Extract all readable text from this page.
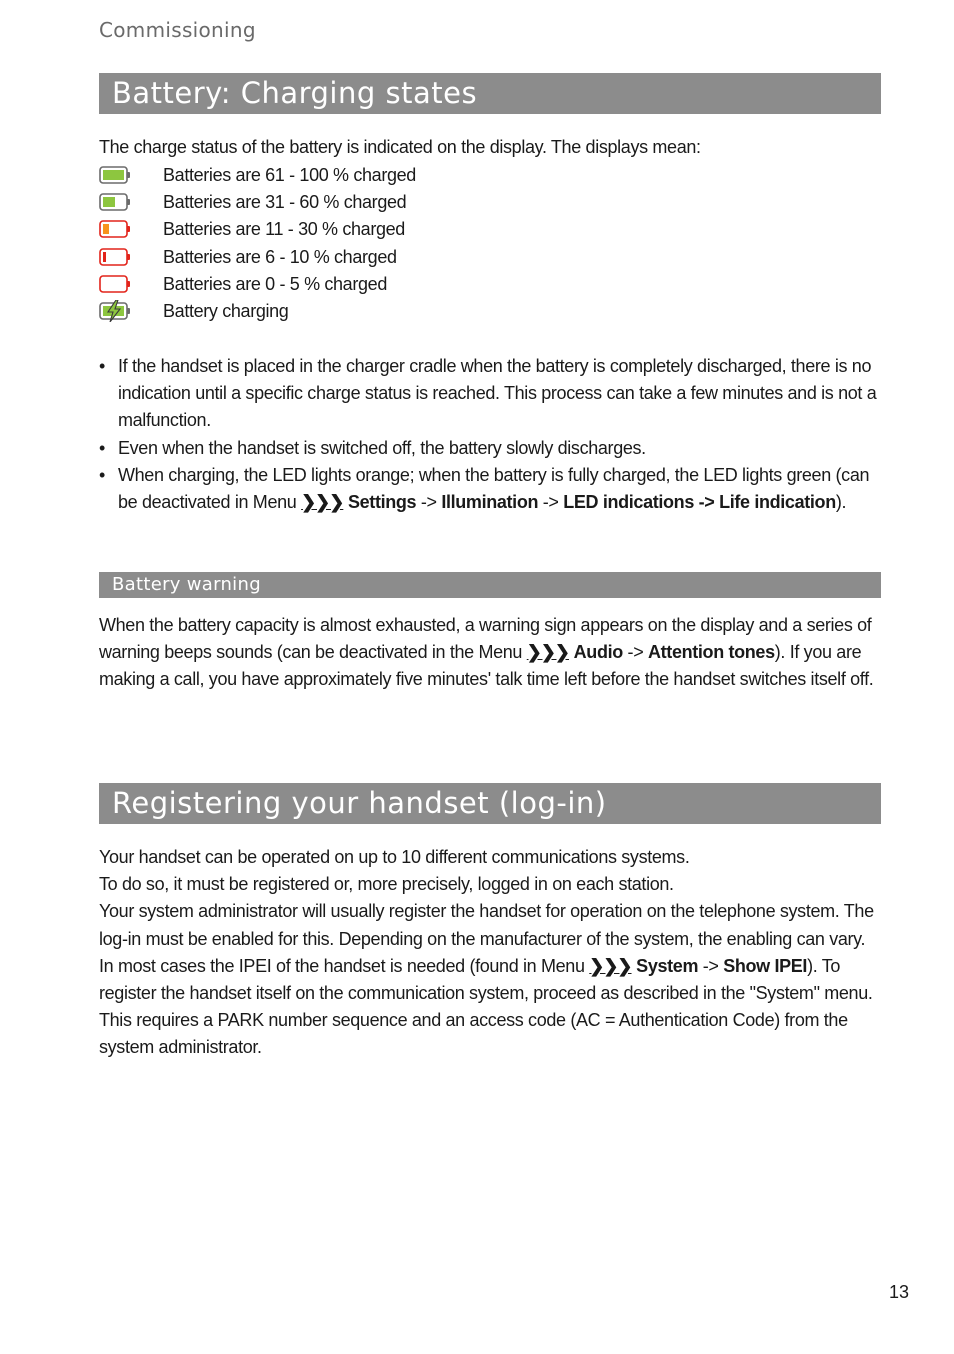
Commissioning
Battery: Charging states
The charge status of the battery is indicated on the display. The displays mean:
Batteries are 61 - 100 % charged
Batteries are 31 - 60 % charged
Batteries are 11 - 30 % charged
Batteries are 6 - 10 % charged
Batteries are 0 - 5 % charged
Battery charging
• If the handset is placed in the charger cradle when the battery is completely discharged, there is no indication until a specific charge status is reached. This process can take a few minutes and is not a malfunction.
• Even when the handset is switched off, the battery slowly discharges.
• When charging, the LED lights orange; when the battery is fully charged, the LED lights green (can be deactivated in Menu ❯❯❯ Settings -> Illumination -> LED indications -> Life indication).
Battery warning
When the battery capacity is almost exhausted, a warning sign appears on the display and a series of warning beeps sounds (can be deactivated in the Menu ❯❯❯ Audio -> Attention tones). If you are making a call, you have approximately five minutes' talk time left before the handset switches itself off.
Registering your handset (log-in)
Your handset can be operated on up to 10 different communications systems.
To do so, it must be registered or, more precisely, logged in on each station.
Your system administrator will usually register the handset for operation on the telephone system. The log-in must be enabled for this. Depending on the manufacturer of the system, the enabling can vary. In most cases the IPEI of the handset is needed (found in Menu ❯❯❯ System -> Show IPEI). To register the handset itself on the communication system, proceed as described in the "System" menu. This requires a PARK number sequence and an access code (AC = Authentication Code) from the system administrator.
13
